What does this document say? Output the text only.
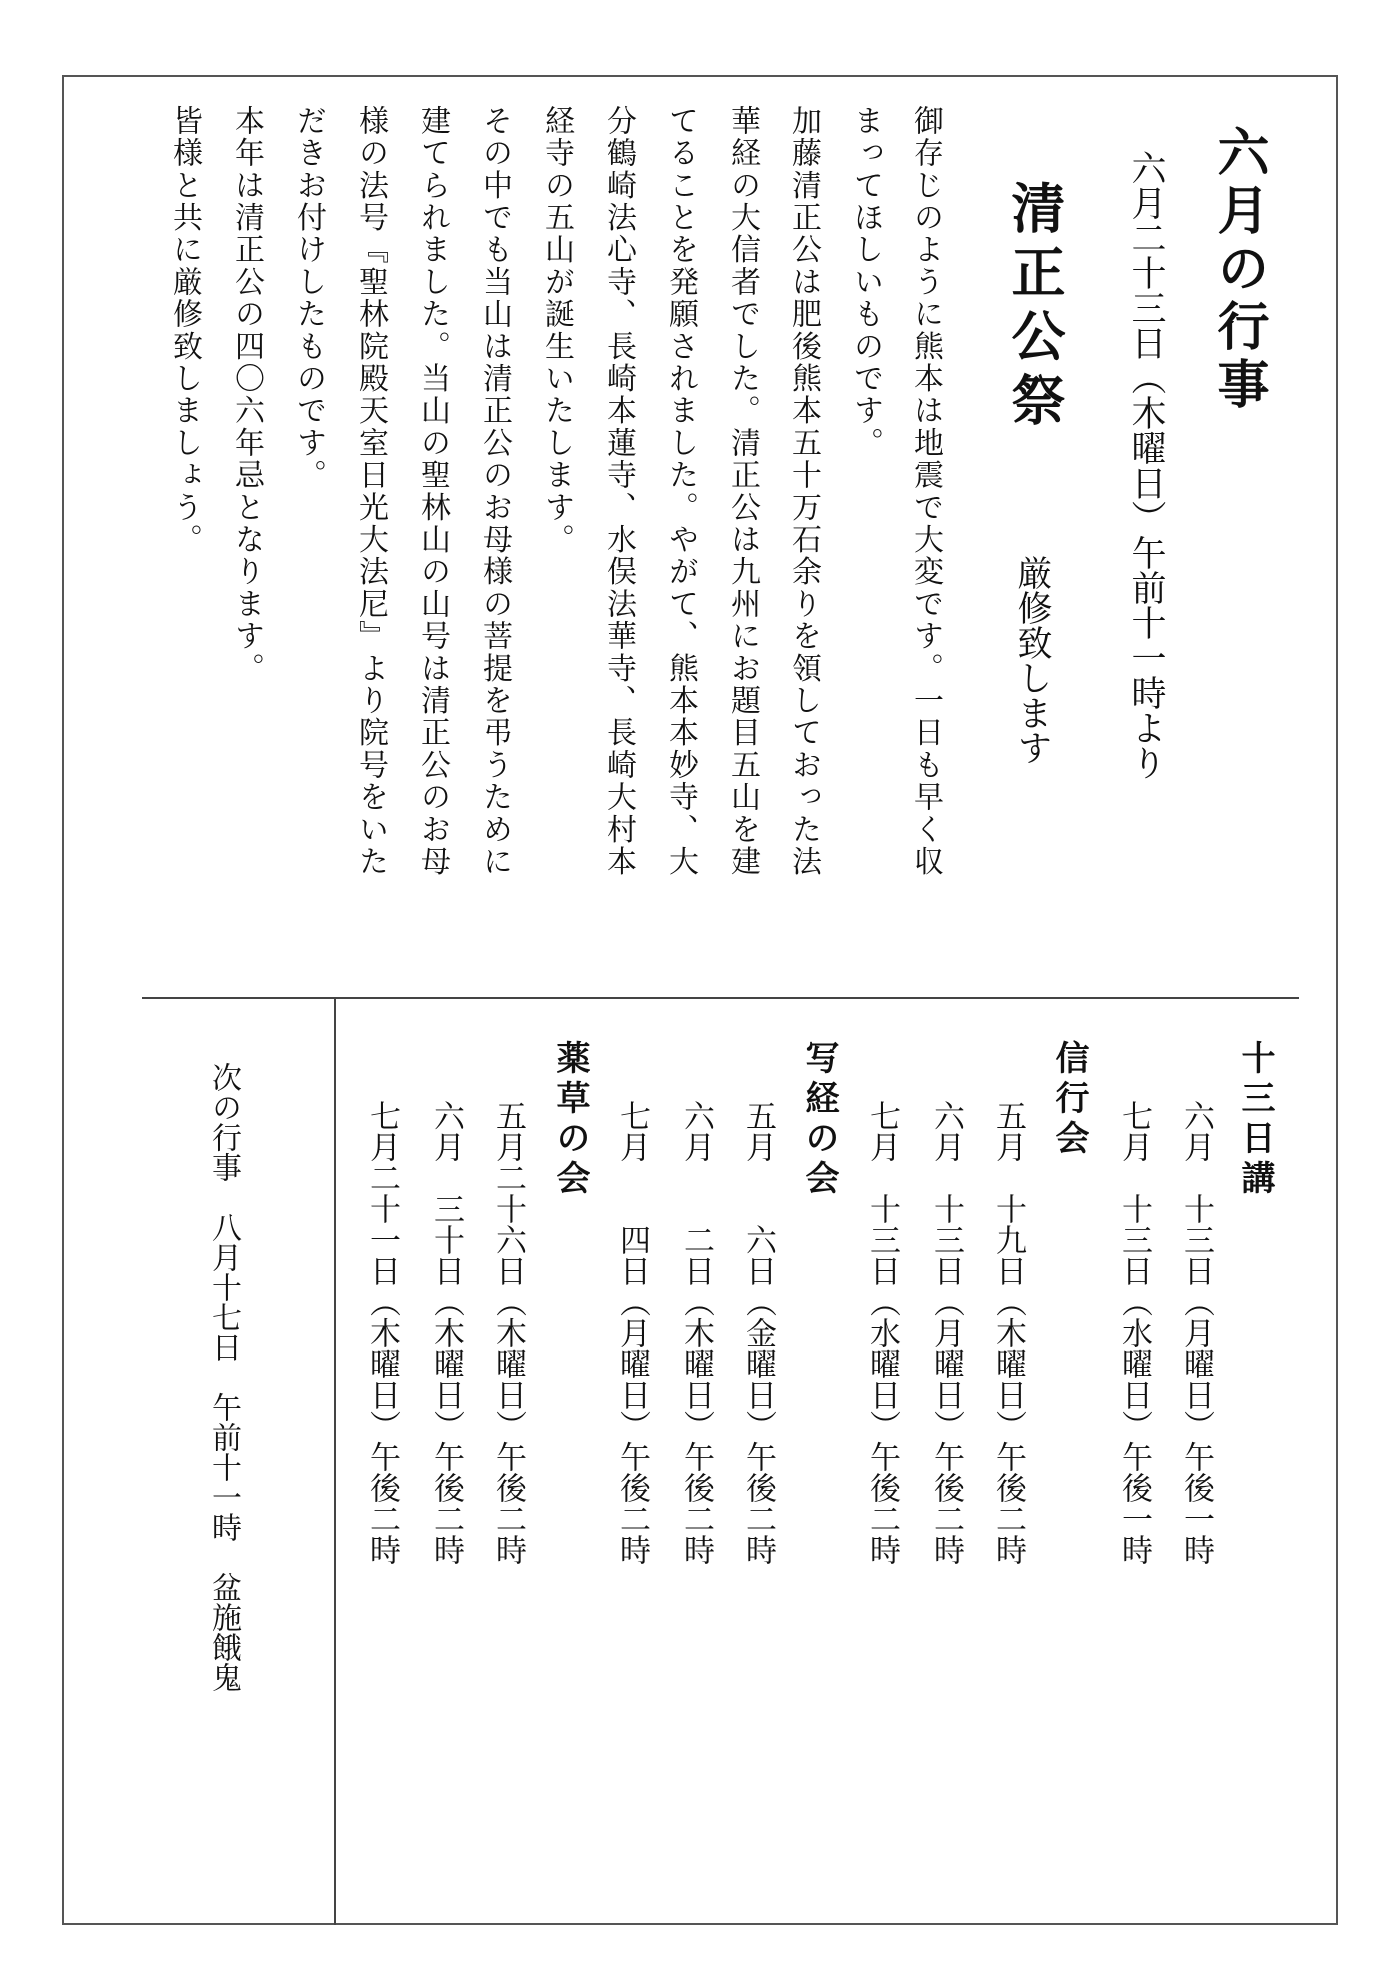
六月の行事
六月二十三日（木曜日）午前十一時より
清正公祭
厳修致します
御存じのように熊本は地震で大変です。一日も早く収
まってほしいものです。
加藤清正公は肥後熊本五十万石余りを領しておった法
華経の大信者でした。清正公は九州にお題目五山を建
てることを発願されました。やがて、熊本本妙寺、大
分鶴崎法心寺、長崎本蓮寺、水俣法華寺、長崎大村本
経寺の五山が誕生いたします。
その中でも当山は清正公のお母様の菩提を弔うために
建てられました。当山の聖林山の山号は清正公のお母
様の法号『聖林院殿天室日光大法尼』より院号をいた
だきお付けしたものです。
本年は清正公の四〇六年忌となります。
皆様と共に厳修致しましょう。
十三日講
六月　十三日（月曜日）午後一時
七月　十三日（水曜日）午後一時
信行会
五月　十九日（木曜日）午後二時
六月　十三日（月曜日）午後二時
七月　十三日（水曜日）午後二時
写経の会
五月　　六日（金曜日）午後二時
六月　　二日（木曜日）午後二時
七月　　四日（月曜日）午後二時
薬草の会
五月二十六日（木曜日）午後二時
六月　三十日（木曜日）午後二時
七月二十一日（木曜日）午後二時
次の行事　八月十七日　午前十一時　盆施餓鬼
